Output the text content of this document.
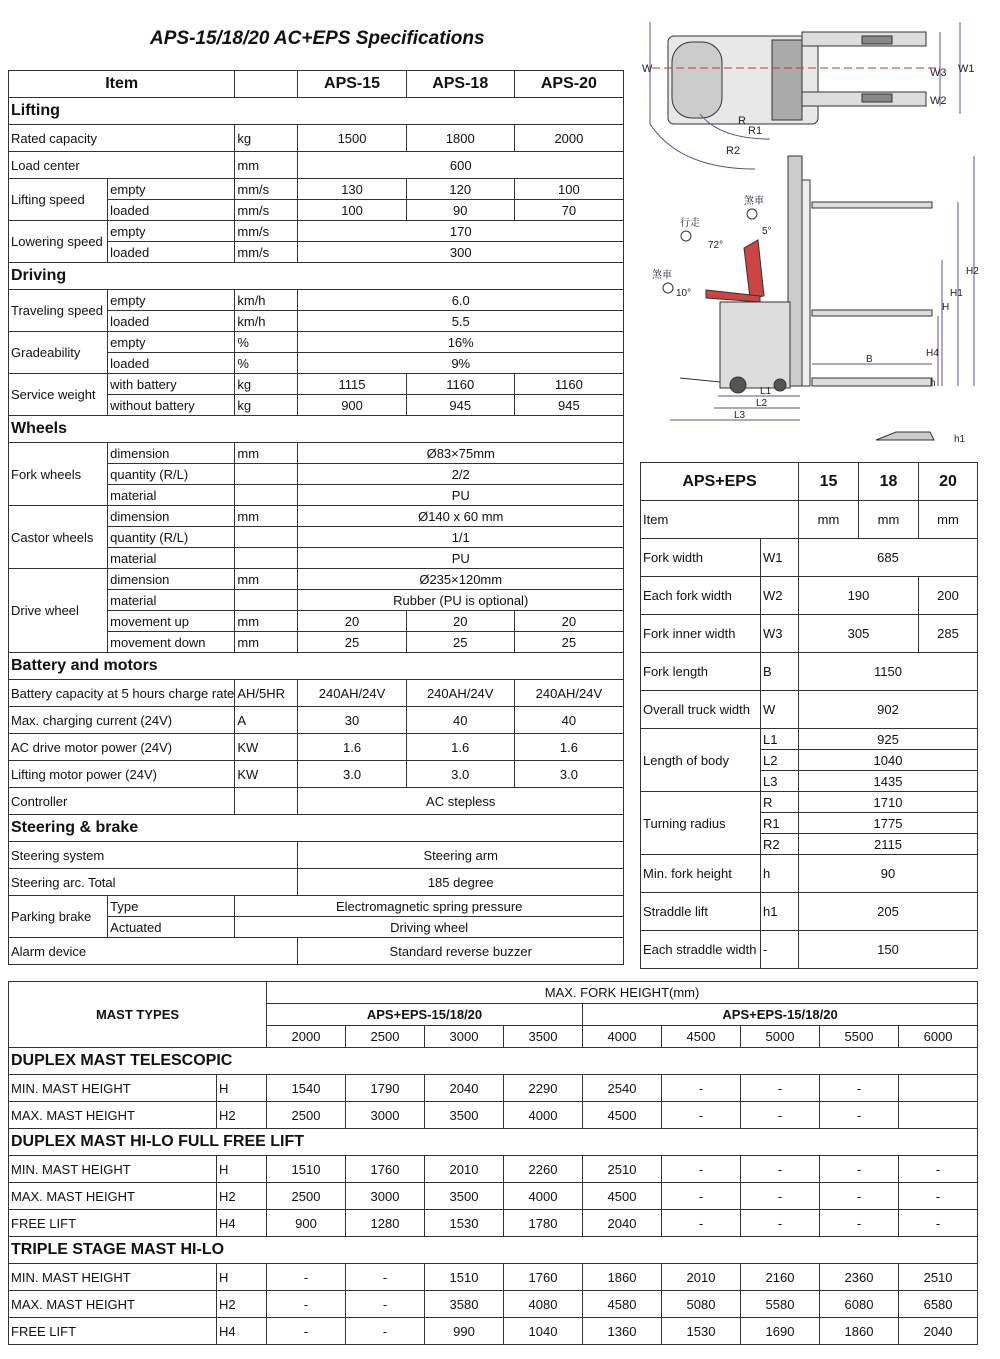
APS-15/18/20 AC+EPS Specifications
Item			APS-15	APS-18	APS-20
Lifting					
Rated capacity		kg	1500	1800	2000
Load center		mm	600		
Lifting speed	empty	mm/s	130	120	100
	loaded	mm/s	100	90	70
Lowering speed	empty	mm/s	170		
	loaded	mm/s	300		
Driving					
Traveling speed	empty	km/h	6.0		
	loaded	km/h	5.5		
Gradeability	empty	%	16%		
	loaded	%	9%		
Service weight	with battery	kg	1115	1160	1160
	without battery	kg	900	945	945
Wheels					
Fork wheels	dimension	mm	Ø83×75mm		
	quantity (R/L)		2/2		
	material		PU		
Castor wheels	dimension	mm	Ø140 x 60 mm		
	quantity (R/L)		1/1		
	material		PU		
Drive wheel	dimension	mm	Ø235×120mm		
	material		Rubber (PU is optional)		
	movement up	mm	20	20	20
	movement down	mm	25	25	25
Battery and motors					
Battery capacity at 5 hours charge rate		AH/5HR	240AH/24V	240AH/24V	240AH/24V
Max. charging current (24V)		A	30	40	40
AC drive motor power (24V)		KW	1.6	1.6	1.6
Lifting motor power (24V)		KW	3.0	3.0	3.0
Controller			AC stepless		
Steering & brake					
Steering system			Steering arm		
Steering arc. Total			185 degree		
Parking brake	Type	Electromagnetic spring pressure			
	Actuated	Driving wheel			
Alarm device			Standard reverse buzzer		
W	W1
W2
W3
R
R1
R2
行走
煞車
煞車
72°
5°
10°
H2
H1
H
H4
h
h1
B
L1
L2
L3
APS+EPS		15	18	20
Item		mm	mm	mm
Fork width	W1	685		
Each fork width	W2	190		200
Fork inner width	W3	305		285
Fork length	B	1150		
Overall truck width	W	902		
Length of body	L1	925		
	L2	1040		
	L3	1435		
Turning radius	R	1710		
	R1	1775		
	R2	2115		
Min. fork height	h	90		
Straddle lift	h1	205		
Each straddle width	-	150		
MAST TYPES		MAX. FORK HEIGHT(mm)								
		APS+EPS-15/18/20				APS+EPS-15/18/20				
		2000	2500	3000	3500	4000	4500	5000	5500	6000
DUPLEX MAST TELESCOPIC										
MIN. MAST HEIGHT	H	1540	1790	2040	2290	2540	-	-	-	
MAX. MAST HEIGHT	H2	2500	3000	3500	4000	4500	-	-	-	
DUPLEX MAST HI-LO FULL FREE LIFT										
MIN. MAST HEIGHT	H	1510	1760	2010	2260	2510	-	-	-	-
MAX. MAST HEIGHT	H2	2500	3000	3500	4000	4500	-	-	-	-
FREE LIFT	H4	900	1280	1530	1780	2040	-	-	-	-
TRIPLE STAGE MAST HI-LO										
MIN. MAST HEIGHT	H	-	-	1510	1760	1860	2010	2160	2360	2510
MAX. MAST HEIGHT	H2	-	-	3580	4080	4580	5080	5580	6080	6580
FREE LIFT	H4	-	-	990	1040	1360	1530	1690	1860	2040
